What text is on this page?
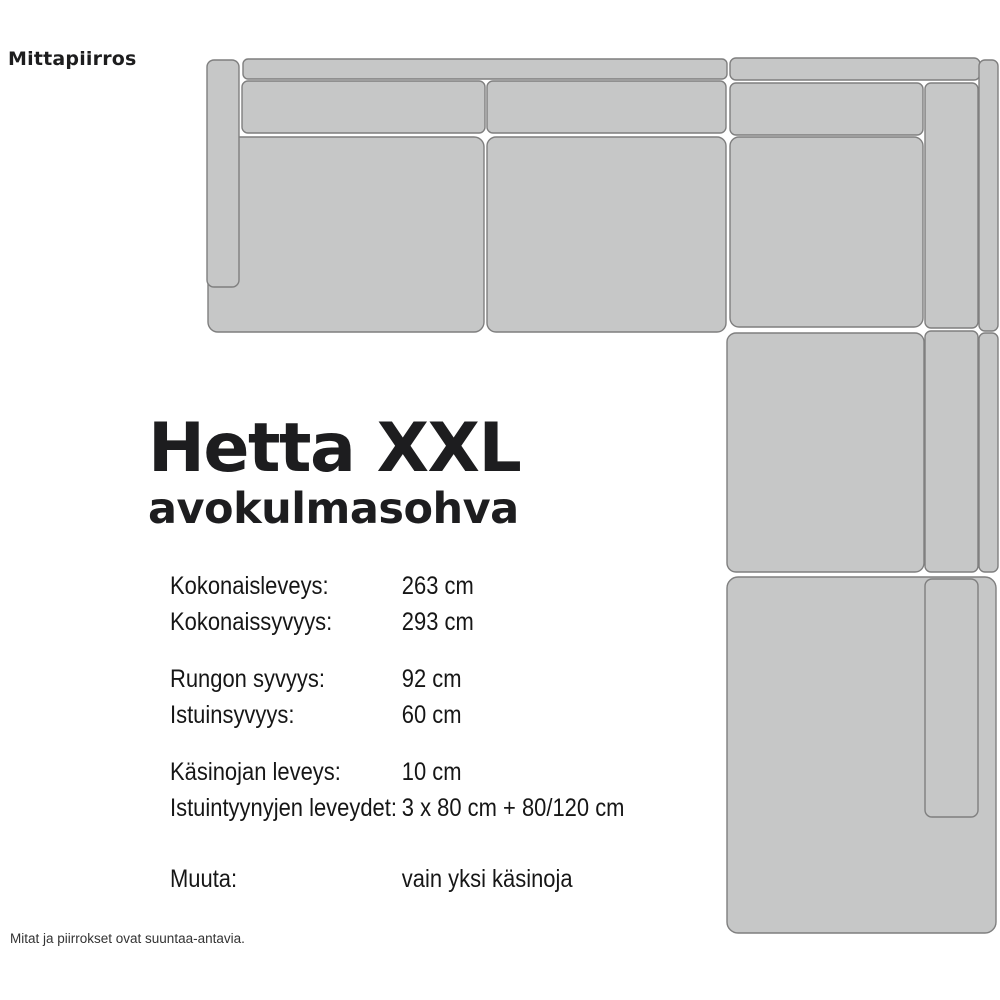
Mittapiirros
Hetta XXL
avokulmasohva
Kokonaisleveys:	263 cm
Kokonaissyvyys:	293 cm
Rungon syvyys:	92 cm
Istuinsyvyys:	60 cm
Käsinojan leveys: 10 cm
Istuintyynyjen leveydet: 3 x 80 cm + 80/120 cm
Muuta:	vain yksi käsinoja
Mitat ja piirrokset ovat suuntaa-antavia.
